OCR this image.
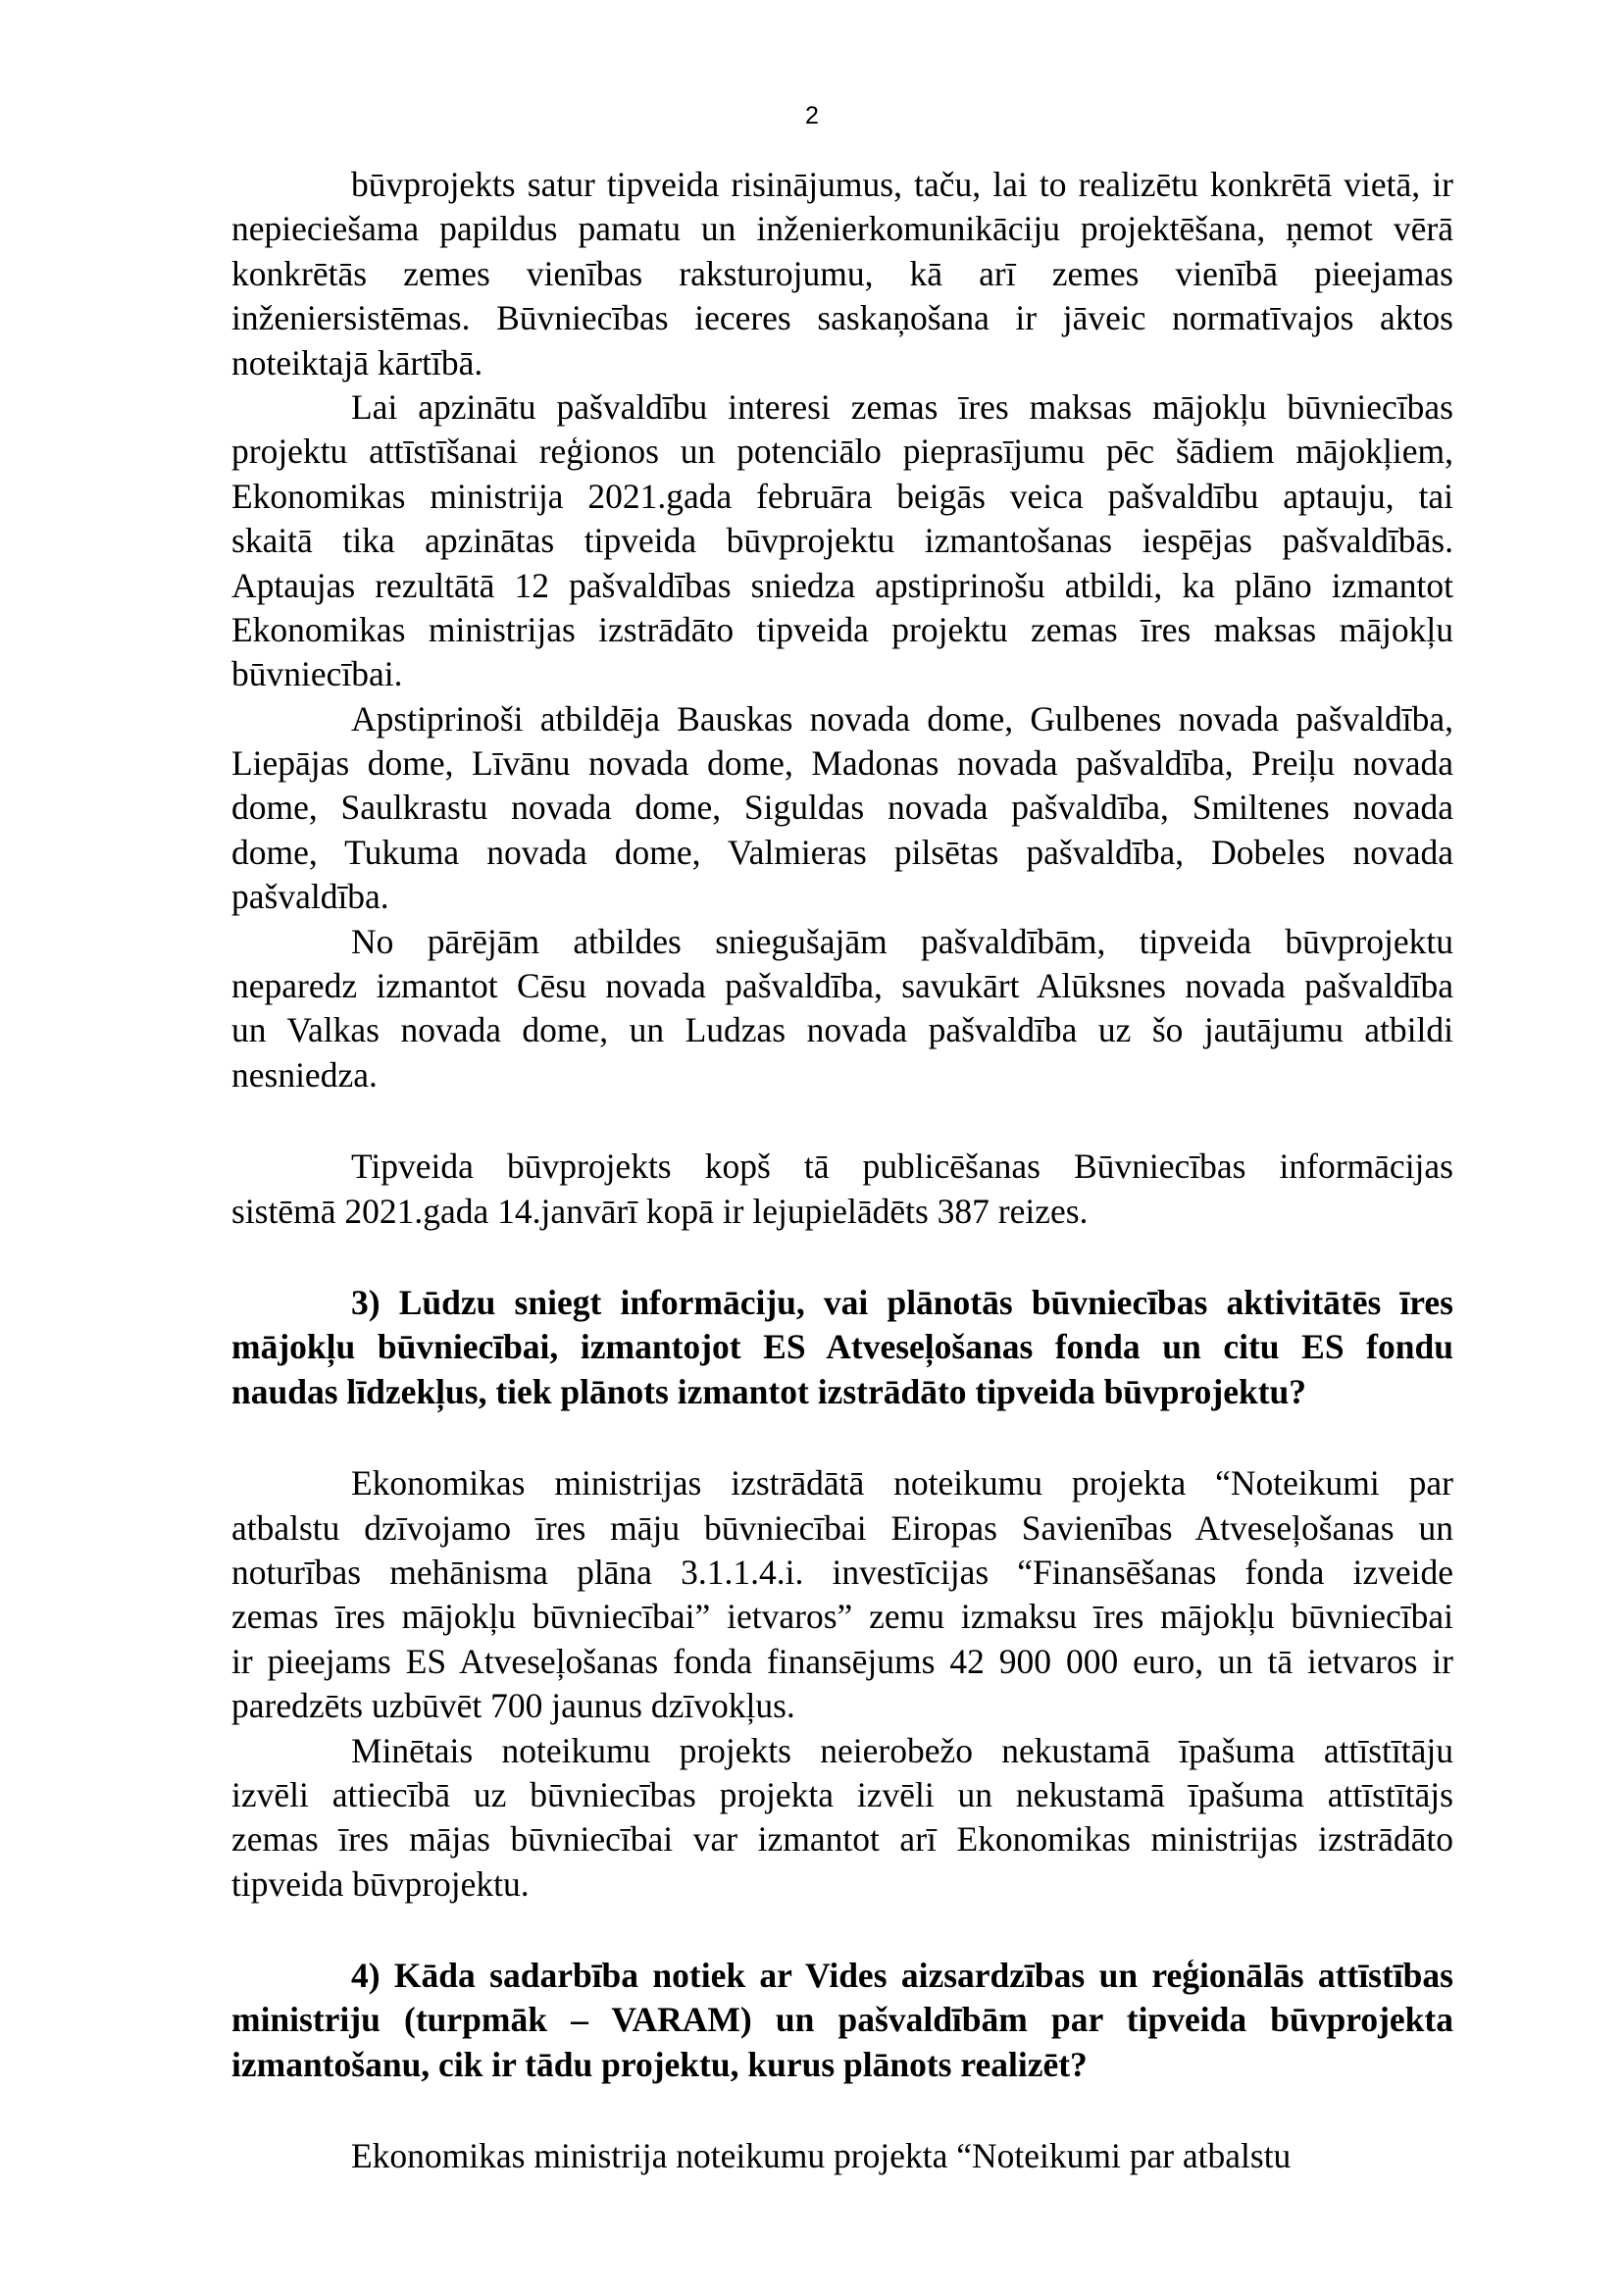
2
būvprojekts satur tipveida risinājumus, taču, lai to realizētu konkrētā vietā, ir
nepieciešama papildus pamatu un inženierkomunikāciju projektēšana, ņemot vērā
konkrētās zemes vienības raksturojumu, kā arī zemes vienībā pieejamas
inženiersistēmas. Būvniecības ieceres saskaņošana ir jāveic normatīvajos aktos
noteiktajā kārtībā.
Lai apzinātu pašvaldību interesi zemas īres maksas mājokļu būvniecības
projektu attīstīšanai reģionos un potenciālo pieprasījumu pēc šādiem mājokļiem,
Ekonomikas ministrija 2021.gada februāra beigās veica pašvaldību aptauju, tai
skaitā tika apzinātas tipveida būvprojektu izmantošanas iespējas pašvaldībās.
Aptaujas rezultātā 12 pašvaldības sniedza apstiprinošu atbildi, ka plāno izmantot
Ekonomikas ministrijas izstrādāto tipveida projektu zemas īres maksas mājokļu
būvniecībai.
Apstiprinoši atbildēja Bauskas novada dome, Gulbenes novada pašvaldība,
Liepājas dome, Līvānu novada dome, Madonas novada pašvaldība, Preiļu novada
dome, Saulkrastu novada dome, Siguldas novada pašvaldība, Smiltenes novada
dome, Tukuma novada dome, Valmieras pilsētas pašvaldība, Dobeles novada
pašvaldība.
No pārējām atbildes sniegušajām pašvaldībām, tipveida būvprojektu
neparedz izmantot Cēsu novada pašvaldība, savukārt Alūksnes novada pašvaldība
un Valkas novada dome, un Ludzas novada pašvaldība uz šo jautājumu atbildi
nesniedza.
Tipveida būvprojekts kopš tā publicēšanas Būvniecības informācijas
sistēmā 2021.gada 14.janvārī kopā ir lejupielādēts 387 reizes.
3) Lūdzu sniegt informāciju, vai plānotās būvniecības aktivitātēs īres
mājokļu būvniecībai, izmantojot ES Atveseļošanas fonda un citu ES fondu
naudas līdzekļus, tiek plānots izmantot izstrādāto tipveida būvprojektu?
Ekonomikas ministrijas izstrādātā noteikumu projekta “Noteikumi par
atbalstu dzīvojamo īres māju būvniecībai Eiropas Savienības Atveseļošanas un
noturības mehānisma plāna 3.1.1.4.i. investīcijas “Finansēšanas fonda izveide
zemas īres mājokļu būvniecībai” ietvaros” zemu izmaksu īres mājokļu būvniecībai
ir pieejams ES Atveseļošanas fonda finansējums 42 900 000 euro, un tā ietvaros ir
paredzēts uzbūvēt 700 jaunus dzīvokļus.
Minētais noteikumu projekts neierobežo nekustamā īpašuma attīstītāju
izvēli attiecībā uz būvniecības projekta izvēli un nekustamā īpašuma attīstītājs
zemas īres mājas būvniecībai var izmantot arī Ekonomikas ministrijas izstrādāto
tipveida būvprojektu.
4) Kāda sadarbība notiek ar Vides aizsardzības un reģionālās attīstības
ministriju (turpmāk – VARAM) un pašvaldībām par tipveida būvprojekta
izmantošanu, cik ir tādu projektu, kurus plānots realizēt?
Ekonomikas ministrija noteikumu projekta “Noteikumi par atbalstu
